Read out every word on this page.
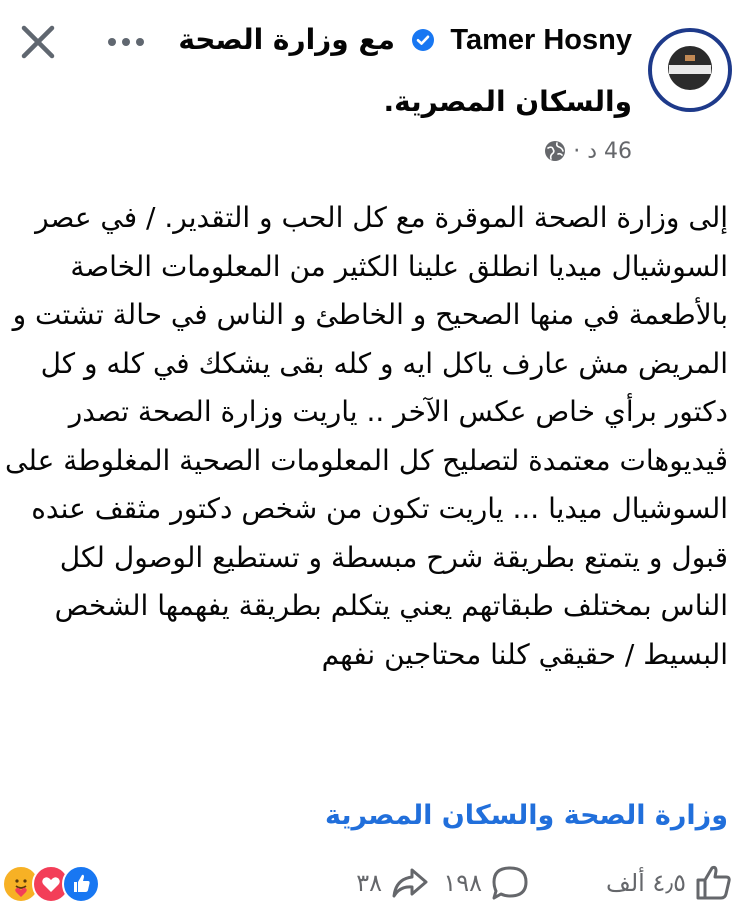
Tamer Hosny  مع وزارة الصحة
والسكان المصرية.
46 د ·
إلى وزارة الصحة الموقرة مع كل الحب و التقدير. / في عصر
السوشيال ميديا انطلق علينا الكثير من المعلومات الخاصة
بالأطعمة في منها الصحيح و الخاطئ و الناس في حالة تشتت و
المريض مش عارف ياكل ايه و كله بقى يشكك في كله و كل
دكتور برأي خاص عكس الآخر .. ياريت وزارة الصحة تصدر
ڤيديوهات معتمدة لتصليح كل المعلومات الصحية المغلوطة على
السوشيال ميديا ... ياريت تكون من شخص دكتور مثقف عنده
قبول و يتمتع بطريقة شرح مبسطة و تستطيع الوصول لكل
الناس بمختلف طبقاتهم يعني يتكلم بطريقة يفهمها الشخص
البسيط / حقيقي كلنا محتاجين نفهم
وزارة الصحة والسكان المصرية
٣٨	١٩٨	٤٫٥ ألف
